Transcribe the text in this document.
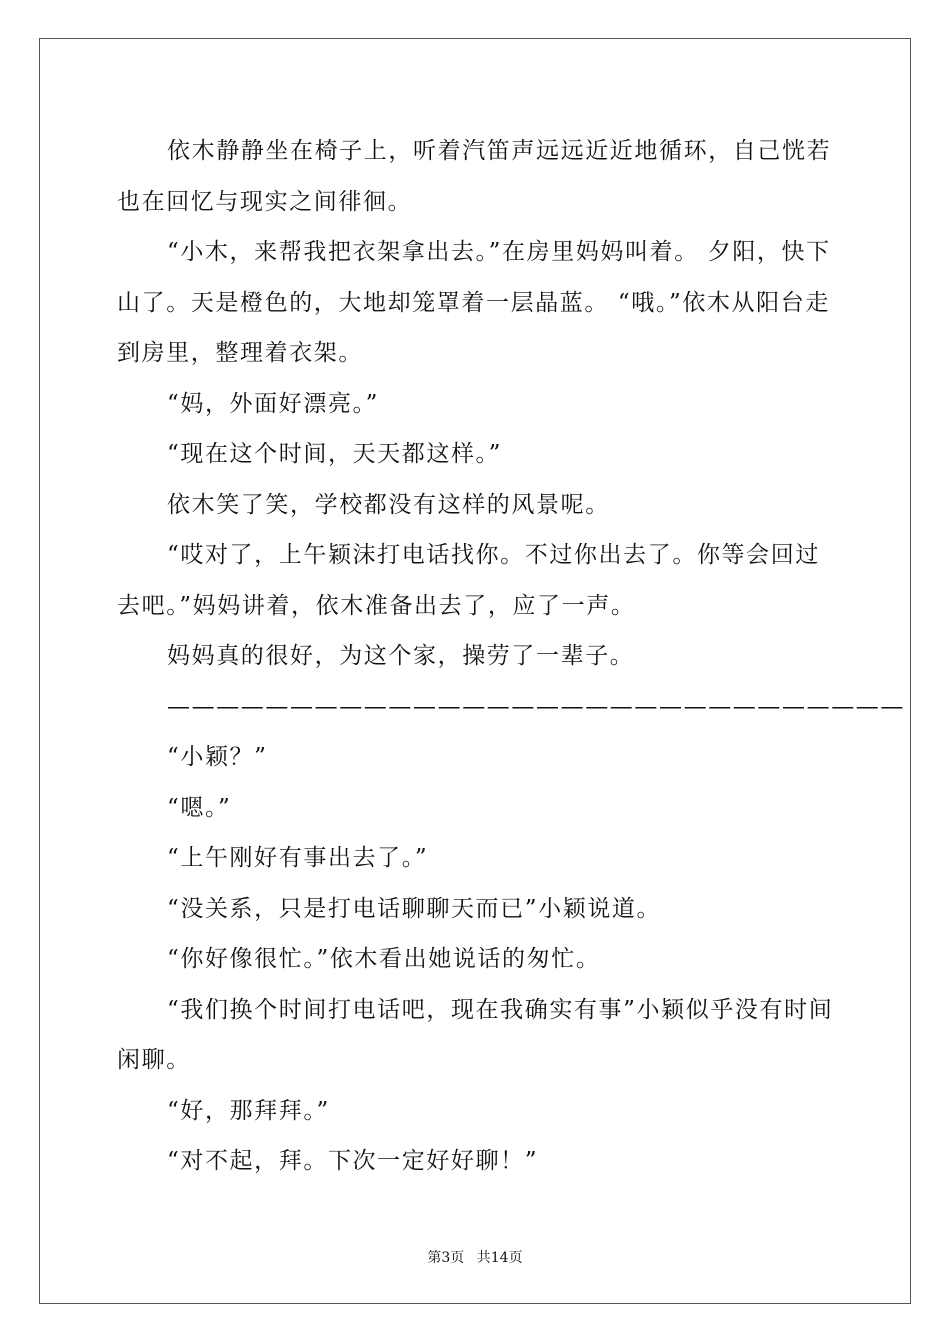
依木静静坐在椅子上，听着汽笛声远远近近地循环，自己恍若也在回忆与现实之间徘徊。

“小木，来帮我把衣架拿出去。”在房里妈妈叫着。 夕阳，快下山了。天是橙色的，大地却笼罩着一层晶蓝。 “哦。”依木从阳台走到房里，整理着衣架。

“妈，外面好漂亮。”

“现在这个时间，天天都这样。”

依木笑了笑，学校都没有这样的风景呢。

“哎对了，上午颖沫打电话找你。不过你出去了。你等会回过去吧。”妈妈讲着，依木准备出去了，应了一声。

妈妈真的很好，为这个家，操劳了一辈子。

——————————————————————————————

“小颖？”

“嗯。”

“上午刚好有事出去了。”

“没关系，只是打电话聊聊天而已”小颖说道。

“你好像很忙。”依木看出她说话的匆忙。

“我们换个时间打电话吧，现在我确实有事”小颖似乎没有时间闲聊。

“好，那拜拜。”

“对不起，拜。下次一定好好聊！”

第3页 共14页
